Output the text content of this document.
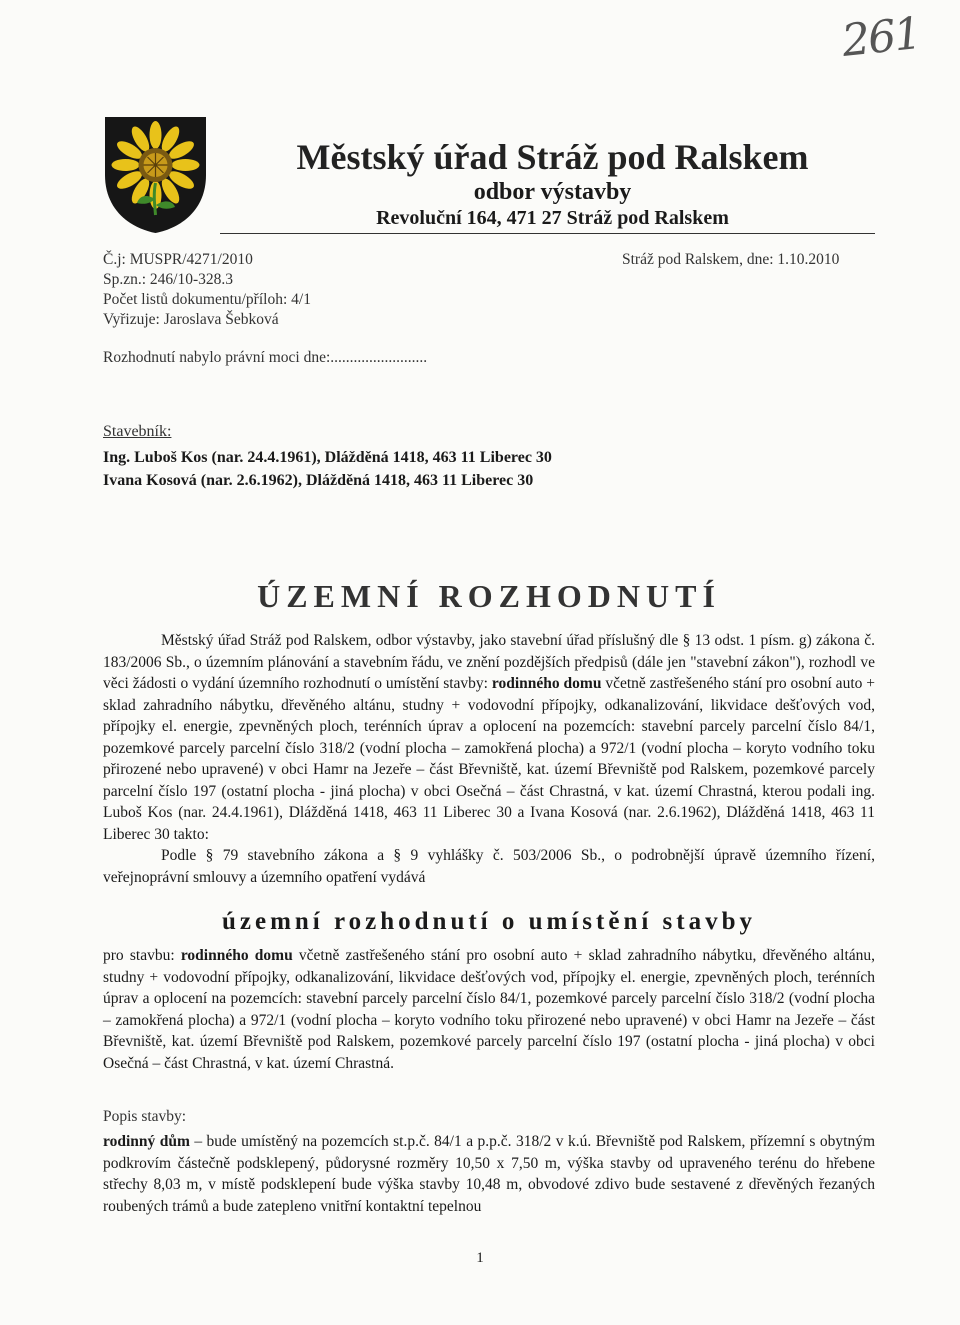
261
Městský úřad Stráž pod Ralskem
odbor výstavby
Revoluční 164, 471 27 Stráž pod Ralskem
Č.j: MUSPR/4271/2010
Sp.zn.: 246/10-328.3
Počet listů dokumentu/příloh: 4/1
Vyřizuje: Jaroslava Šebková
Stráž pod Ralskem, dne: 1.10.2010
Rozhodnutí nabylo právní moci dne:.........................
Stavebník:
Ing. Luboš Kos (nar. 24.4.1961), Dlážděná 1418, 463 11 Liberec 30
Ivana Kosová (nar. 2.6.1962), Dlážděná 1418, 463 11 Liberec 30
ÚZEMNÍ ROZHODNUTÍ

Městský úřad Stráž pod Ralskem, odbor výstavby, jako stavební úřad příslušný dle § 13 odst. 1 písm. g) zákona č. 183/2006 Sb., o územním plánování a stavebním řádu, ve znění pozdějších předpisů (dále jen "stavební zákon"), rozhodl ve věci žádosti o vydání územního rozhodnutí o umístění stavby: rodinného domu včetně zastřešeného stání pro osobní auto + sklad zahradního nábytku, dřevěného altánu, studny + vodovodní přípojky, odkanalizování, likvidace dešťových vod, přípojky el. energie, zpevněných ploch, terénních úprav a oplocení na pozemcích: stavební parcely parcelní číslo 84/1, pozemkové parcely parcelní číslo 318/2 (vodní plocha – zamokřená plocha) a 972/1 (vodní plocha – koryto vodního toku přirozené nebo upravené) v obci Hamr na Jezeře – část Břevniště, kat. území Břevniště pod Ralskem, pozemkové parcely parcelní číslo 197 (ostatní plocha - jiná plocha) v obci Osečná – část Chrastná, v kat. území Chrastná, kterou podali ing. Luboš Kos (nar. 24.4.1961), Dlážděná 1418, 463 11 Liberec 30 a Ivana Kosová (nar. 2.6.1962), Dlážděná 1418, 463 11 Liberec 30 takto:

Podle § 79 stavebního zákona a § 9 vyhlášky č. 503/2006 Sb., o podrobnější úpravě územního řízení, veřejnoprávní smlouvy a územního opatření vydává

územní rozhodnutí o umístění stavby

pro stavbu: rodinného domu včetně zastřešeného stání pro osobní auto + sklad zahradního nábytku, dřevěného altánu, studny + vodovodní přípojky, odkanalizování, likvidace dešťových vod, přípojky el. energie, zpevněných ploch, terénních úprav a oplocení na pozemcích: stavební parcely parcelní číslo 84/1, pozemkové parcely parcelní číslo 318/2 (vodní plocha – zamokřená plocha) a 972/1 (vodní plocha – koryto vodního toku přirozené nebo upravené) v obci Hamr na Jezeře – část Břevniště, kat. území Břevniště pod Ralskem, pozemkové parcely parcelní číslo 197 (ostatní plocha - jiná plocha) v obci Osečná – část Chrastná, v kat. území Chrastná.

Popis stavby:

rodinný dům – bude umístěný na pozemcích st.p.č. 84/1 a p.p.č. 318/2 v k.ú. Břevniště pod Ralskem, přízemní s obytným podkrovím částečně podsklepený, půdorysné rozměry 10,50 x 7,50 m, výška stavby od upraveného terénu do hřebene střechy 8,03 m, v místě podsklepení bude výška stavby 10,48 m, obvodové zdivo bude sestavené z dřevěných řezaných roubených trámů a bude zatepleno vnitřní kontaktní tepelnou

1
